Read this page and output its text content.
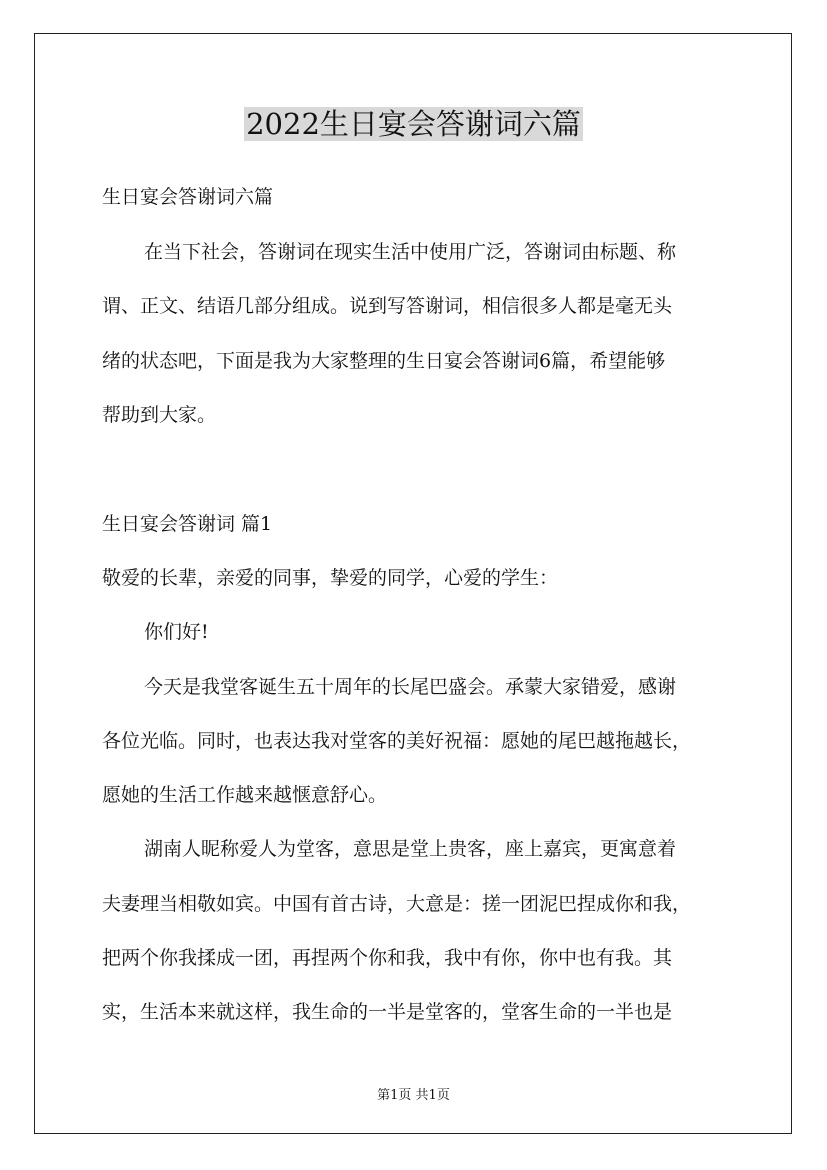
2022生日宴会答谢词六篇
生日宴会答谢词六篇
在当下社会，答谢词在现实生活中使用广泛，答谢词由标题、称
谓、正文、结语几部分组成。说到写答谢词，相信很多人都是毫无头
绪的状态吧，下面是我为大家整理的生日宴会答谢词6篇，希望能够
帮助到大家。
生日宴会答谢词 篇1
敬爱的长辈，亲爱的同事，挚爱的同学，心爱的学生：
你们好!
今天是我堂客诞生五十周年的长尾巴盛会。承蒙大家错爱，感谢
各位光临。同时，也表达我对堂客的美好祝福：愿她的尾巴越拖越长，
愿她的生活工作越来越惬意舒心。
湖南人昵称爱人为堂客，意思是堂上贵客，座上嘉宾，更寓意着
夫妻理当相敬如宾。中国有首古诗，大意是：搓一团泥巴捏成你和我，
把两个你我揉成一团，再捏两个你和我，我中有你，你中也有我。其
实，生活本来就这样，我生命的一半是堂客的，堂客生命的一半也是
第1页 共1页
